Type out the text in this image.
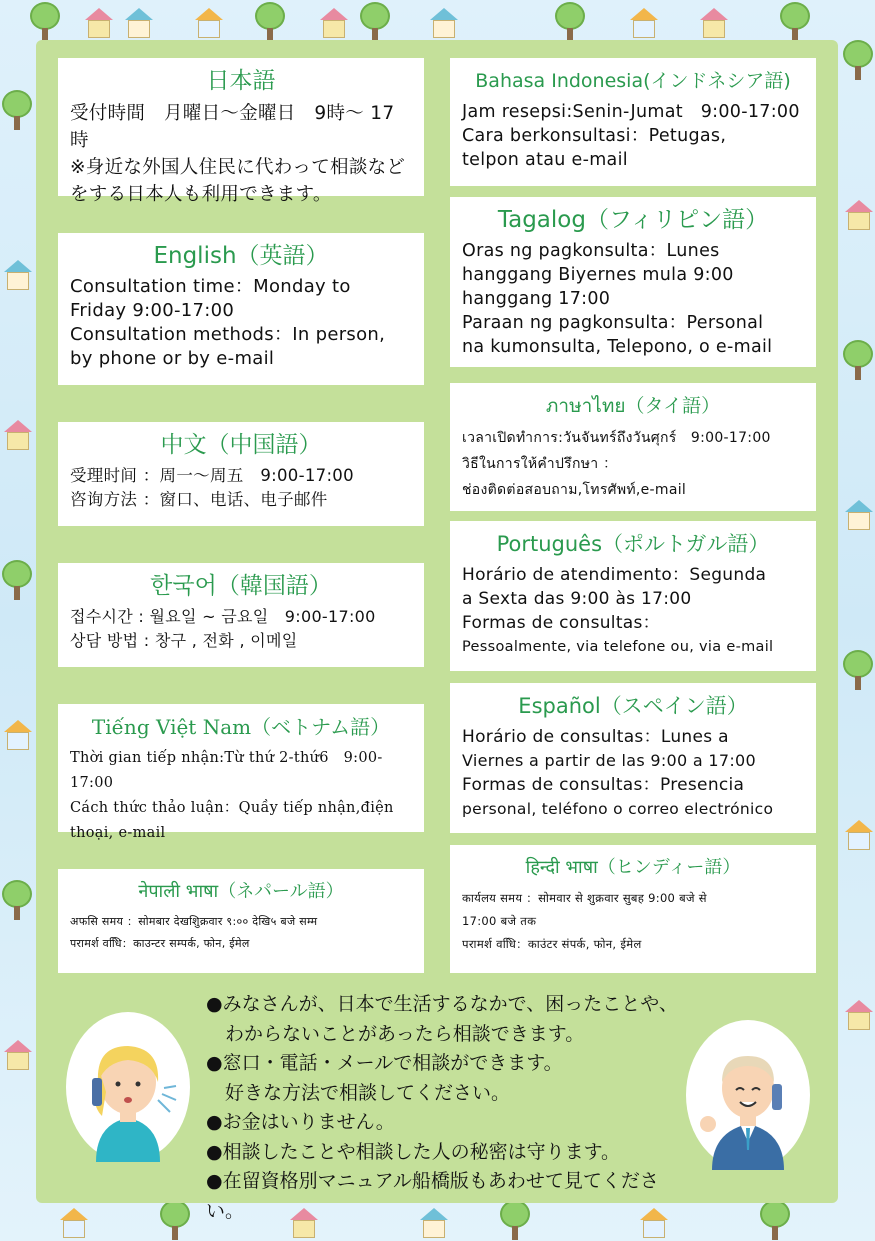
日本語
受付時間　月曜日～金曜日　9時～ 17 時
※身近な外国人住民に代わって相談など
をする日本人も利用できます。
English（英語）
Consultation time：Monday to
Friday 9:00-17:00
Consultation methods：In person,
by phone or by e-mail
中文（中国語）
受理时间 ：周一～周五　9:00-17:00
咨询方法 ：窗口、电话、电子邮件
한국어（韓国語）
접수시간 : 월요일 ~ 금요일　9:00-17:00
상담 방법 : 창구 , 전화 , 이메일
Tiếng Việt Nam（ベトナム語）
Thời gian tiếp nhận:Từ thứ 2-thứ6　9:00-17:00
Cách thức thảo luận：Quầy tiếp nhận,điện
thoại, e-mail
नेपाली भाषा（ネパール語）
अफसि समय ：सोमबार देखशिुक्रवार ९:०० देखि५ बजे सम्म
परामर्श वधिि：काउन्टर सम्पर्क, फोन, ईमेल
Bahasa Indonesia(インドネシア語)
Jam resepsi:Senin-Jumat　9:00-17:00
Cara berkonsultasi：Petugas,
telpon atau e-mail
Tagalog（フィリピン語）
Oras ng pagkonsulta：Lunes
hanggang Biyernes mula 9:00
hanggang 17:00
Paraan ng pagkonsulta：Personal
na kumonsulta, Telepono, o e-mail
ภาษาไทย（タイ語）
เวลาเปิดทำการ:วันจันทร์ถึงวันศุกร์　9:00-17:00
วิธีในการให้คำปรึกษา ：
ช่องติดต่อสอบถาม,โทรศัพท์,e-mail
Português（ポルトガル語）
Horário de atendimento：Segunda
a Sexta das 9:00 às 17:00
Formas de consultas：
Pessoalmente, via telefone ou, via e-mail
Español（スペイン語）
Horário de consultas：Lunes a
Viernes a partir de las 9:00 a 17:00
Formas de consultas：Presencia
personal, teléfono o correo electrónico
हिन्दी भाषा（ヒンディー語）
कार्यलय समय ：सोमवार से शुक्रवार सुबह 9:00 बजे से
17:00 बजे तक
परामर्श वधिि：काउंटर संपर्क, फोन, ईमेल
●みなさんが、日本で生活するなかで、困ったことや、
　わからないことがあったら相談できます。
●窓口・電話・メールで相談ができます。
　好きな方法で相談してください。
●お金はいりません。
●相談したことや相談した人の秘密は守ります。
●在留資格別マニュアル船橋版もあわせて見てください。
